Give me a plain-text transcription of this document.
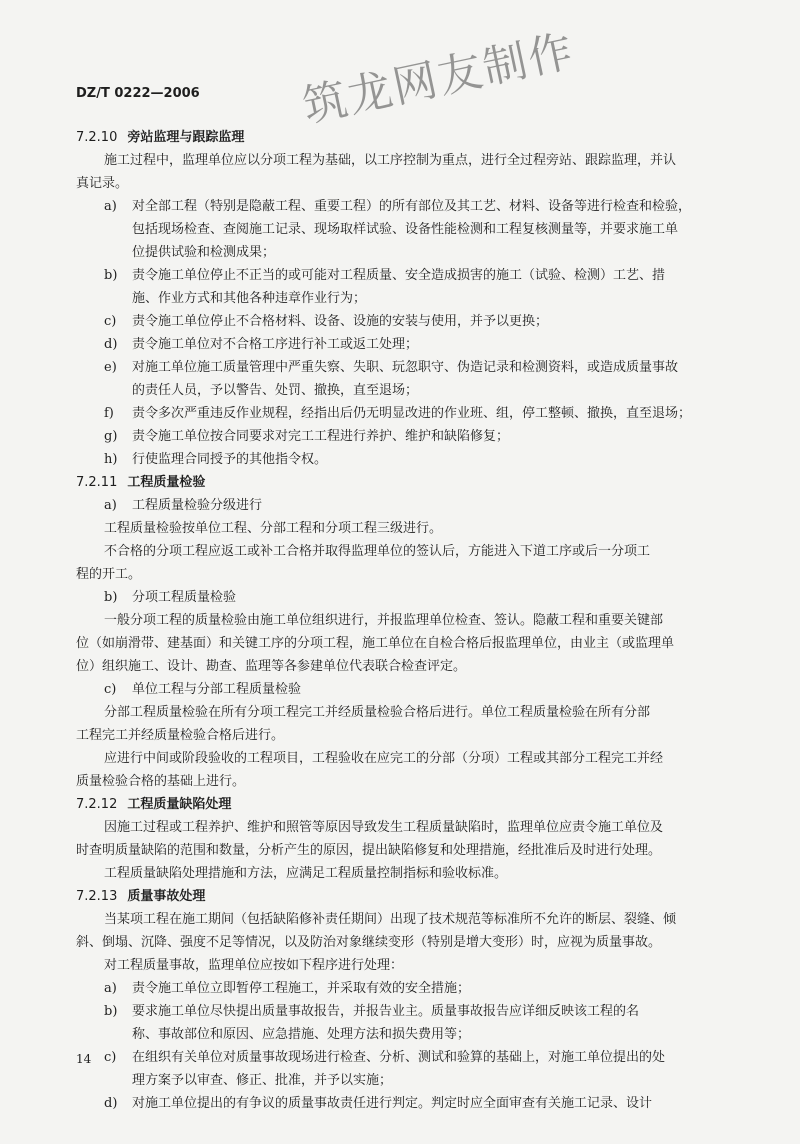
DZ/T 0222—2006 筑龙网友制作
7.2.10 旁站监理与跟踪监理
施工过程中，监理单位应以分项工程为基础，以工序控制为重点，进行全过程旁站、跟踪监理，并认
真记录。
a) 对全部工程（特别是隐蔽工程、重要工程）的所有部位及其工艺、材料、设备等进行检查和检验，
包括现场检查、查阅施工记录、现场取样试验、设备性能检测和工程复核测量等，并要求施工单
位提供试验和检测成果；
b) 责令施工单位停止不正当的或可能对工程质量、安全造成损害的施工（试验、检测）工艺、措
施、作业方式和其他各种违章作业行为；
c) 责令施工单位停止不合格材料、设备、设施的安装与使用，并予以更换；
d) 责令施工单位对不合格工序进行补工或返工处理；
e) 对施工单位施工质量管理中严重失察、失职、玩忽职守、伪造记录和检测资料，或造成质量事故
的责任人员，予以警告、处罚、撤换，直至退场；
f) 责令多次严重违反作业规程，经指出后仍无明显改进的作业班、组，停工整顿、撤换，直至退场；
g) 责令施工单位按合同要求对完工工程进行养护、维护和缺陷修复；
h) 行使监理合同授予的其他指令权。
7.2.11 工程质量检验
a) 工程质量检验分级进行
工程质量检验按单位工程、分部工程和分项工程三级进行。
不合格的分项工程应返工或补工合格并取得监理单位的签认后，方能进入下道工序或后一分项工
程的开工。
b) 分项工程质量检验
一般分项工程的质量检验由施工单位组织进行，并报监理单位检查、签认。隐蔽工程和重要关键部
位（如崩滑带、建基面）和关键工序的分项工程，施工单位在自检合格后报监理单位，由业主（或监理单
位）组织施工、设计、勘查、监理等各参建单位代表联合检查评定。
c) 单位工程与分部工程质量检验
分部工程质量检验在所有分项工程完工并经质量检验合格后进行。单位工程质量检验在所有分部
工程完工并经质量检验合格后进行。
应进行中间或阶段验收的工程项目，工程验收在应完工的分部（分项）工程或其部分工程完工并经
质量检验合格的基础上进行。
7.2.12 工程质量缺陷处理
因施工过程或工程养护、维护和照管等原因导致发生工程质量缺陷时，监理单位应责令施工单位及
时查明质量缺陷的范围和数量，分析产生的原因，提出缺陷修复和处理措施，经批准后及时进行处理。
工程质量缺陷处理措施和方法，应满足工程质量控制指标和验收标准。
7.2.13 质量事故处理
当某项工程在施工期间（包括缺陷修补责任期间）出现了技术规范等标准所不允许的断层、裂缝、倾
斜、倒塌、沉降、强度不足等情况，以及防治对象继续变形（特别是增大变形）时，应视为质量事故。
对工程质量事故，监理单位应按如下程序进行处理：
a) 责令施工单位立即暂停工程施工，并采取有效的安全措施；
b) 要求施工单位尽快提出质量事故报告，并报告业主。质量事故报告应详细反映该工程的名
称、事故部位和原因、应急措施、处理方法和损失费用等；
c) 在组织有关单位对质量事故现场进行检查、分析、测试和验算的基础上，对施工单位提出的处
理方案予以审查、修正、批准，并予以实施；
d) 对施工单位提出的有争议的质量事故责任进行判定。判定时应全面审查有关施工记录、设计
14
